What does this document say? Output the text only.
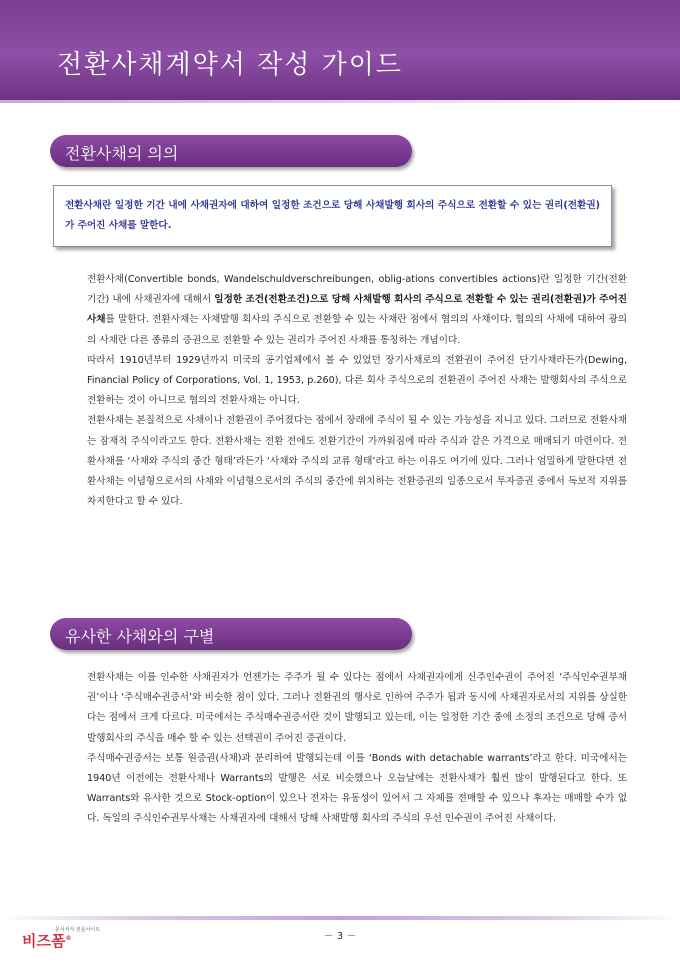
전환사채계약서 작성 가이드
전환사채의 의의
전환사채란 일정한 기간 내에 사채권자에 대하여 일정한 조건으로 당해 사채발행 회사의 주식으로 전환할 수 있는 권리(전환권)가 주어진 사채를 말한다.

전환사채(Convertible bonds, Wandelschuldverschreibungen, oblig-ations convertibles actions)란 일정한 기간(전환기간) 내에 사채권자에 대해서 일정한 조건(전환조건)으로 당해 사채발행 회사의 주식으로 전환할 수 있는 권리(전환권)가 주어진 사채를 말한다. 전환사채는 사채발행 회사의 주식으로 전환할 수 있는 사채란 점에서 협의의 사채이다. 협의의 사채에 대하여 광의의 사채란 다른 종류의 증권으로 전환할 수 있는 권리가 주어진 사채를 통칭하는 개념이다.

따라서 1910년부터 1929년까지 미국의 공기업체에서 볼 수 있었던 장기사채로의 전환권이 주어진 단기사채라든가(Dewing, Financial Policy of Corporations, Vol. 1, 1953, p.260), 다른 회사 주식으로의 전환권이 주어진 사채는 발행회사의 주식으로 전환하는 것이 아니므로 협의의 전환사채는 아니다.

전환사채는 본질적으로 사채이나 전환권이 주어졌다는 점에서 장래에 주식이 될 수 있는 가능성을 지니고 있다. 그러므로 전환사채는 잠재적 주식이라고도 한다. 전환사채는 전환 전에도 전환기간이 가까워짐에 따라 주식과 같은 가격으로 매매되기 마련이다. 전환사채를 ‘사채와 주식의 중간 형태’라든가 ‘사채와 주식의 교류 형태’라고 하는 이유도 여기에 있다. 그러나 엄밀하게 말한다면 전환사채는 이념형으로서의 사채와 이념형으로서의 주식의 중간에 위치하는 전환증권의 일종으로서 투자증권 중에서 독보적 지위를 차지한다고 할 수 있다.

유사한 사채와의 구별

전환사채는 이를 인수한 사채권자가 언젠가는 주주가 될 수 있다는 점에서 사채권자에게 신주인수권이 주어진 ‘주식인수권부채권’이나 ‘주식매수권증서’와 비슷한 점이 있다. 그러나 전환권의 행사로 인하여 주주가 됨과 동시에 사채권자로서의 지위를 상실한다는 점에서 크게 다르다. 미국에서는 주식매수권증서란 것이 발행되고 있는데, 이는 일정한 기간 중에 소정의 조건으로 당해 증서 발행회사의 주식을 매수 할 수 있는 선택권이 주어진 증권이다.

주식매수권증서는 보통 원증권(사채)과 분리하여 발행되는데 이를 ‘Bonds with detachable warrants’라고 한다. 미국에서는 1940년 이전에는 전환사채나 Warrants의 발행은 서로 비슷했으나 오늘날에는 전환사채가 훨씬 많이 발행된다고 한다. 또 Warrants와 유사한 것으로 Stock-option이 있으나 전자는 유동성이 있어서 그 자체를 전매할 수 있으나 후자는 매매할 수가 없다. 독일의 주식인수권부사채는 사채권자에 대해서 당해 사채발행 회사의 주식의 우선 인수권이 주어진 사채이다.

문서서식 전문사이트
비즈폼®	－ 3 －
